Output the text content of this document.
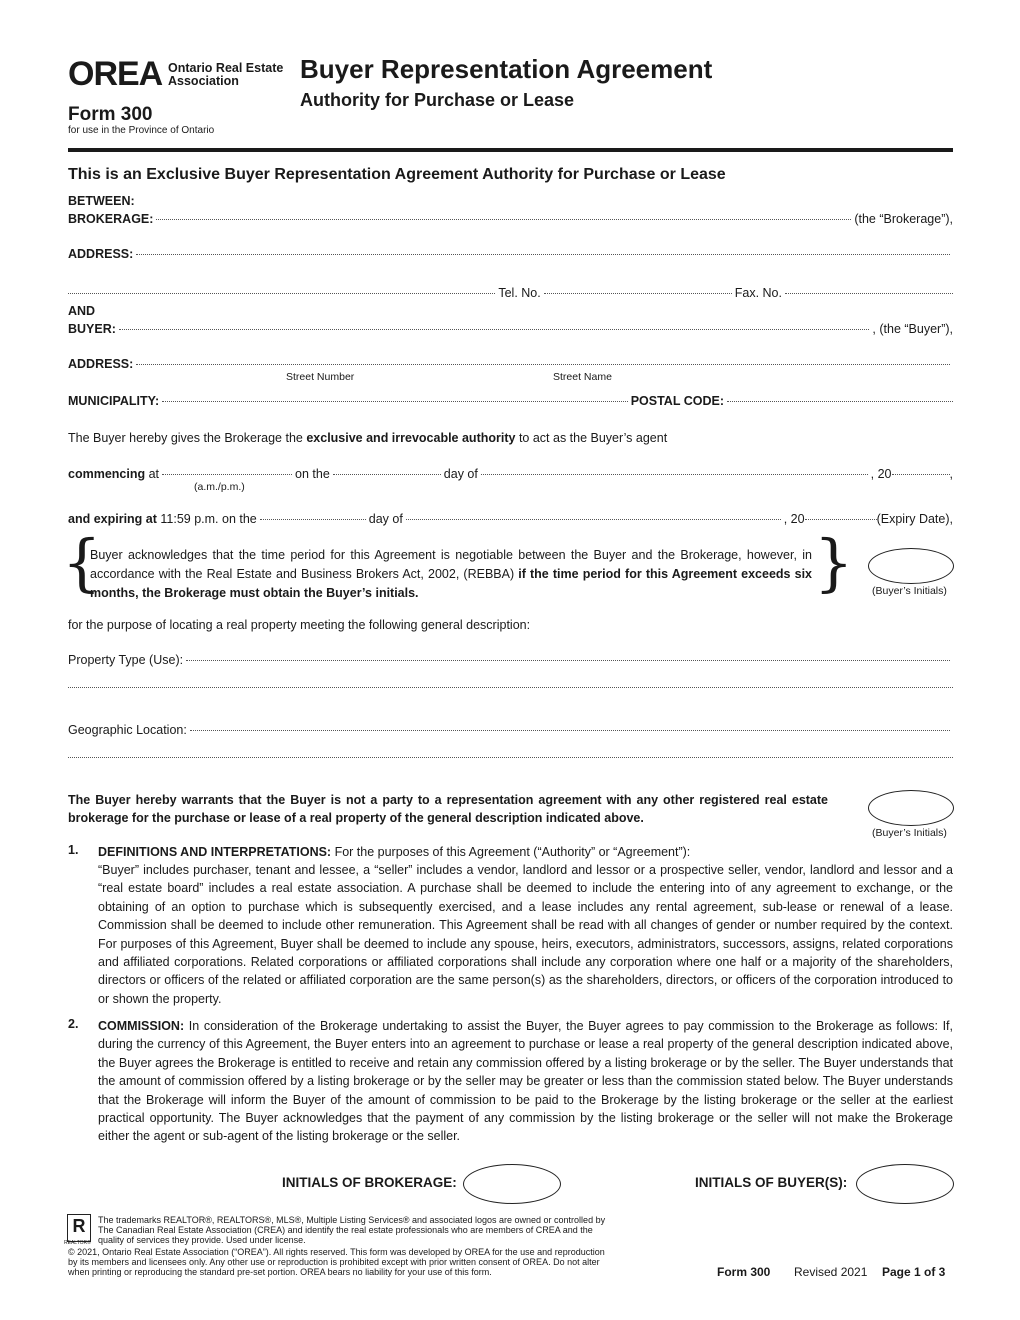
OREA Ontario Real Estate
Association
Form 300
for use in the Province of Ontario
Buyer Representation Agreement
Authority for Purchase or Lease
This is an Exclusive Buyer Representation Agreement Authority for Purchase or Lease
BETWEEN:
BROKERAGE:	(the “Brokerage”),
ADDRESS:
Tel. No.	Fax. No.
AND
BUYER:	, (the “Buyer”),
ADDRESS:
Street Number	Street Name
MUNICIPALITY:	POSTAL CODE:
The Buyer hereby gives the Brokerage the exclusive and irrevocable authority to act as the Buyer’s agent
commencing
at	on the	day of	, 20	,
(a.m./p.m.)
and expiring at
11:59 p.m. on the	day of	, 20	(Expiry Date),
{
Buyer acknowledges that the time period for this Agreement is negotiable between the Buyer and the Brokerage, however, in accordance with the Real Estate and Business Brokers Act, 2002, (REBBA) if the time period for this Agreement exceeds six months, the Brokerage must obtain the Buyer’s initials.	} (Buyer’s Initials)
for the purpose of locating a real property meeting the following general description:
Property Type (Use):
Geographic Location:
The Buyer hereby warrants that the Buyer is not a party to a representation agreement with any other registered real estate brokerage for the purchase or lease of a real property of the general description indicated above.
(Buyer’s Initials)
1. DEFINITIONS AND INTERPRETATIONS: For the purposes of this Agreement (“Authority” or “Agreement”):
“Buyer” includes purchaser, tenant and lessee, a “seller” includes a vendor, landlord and lessor or a prospective seller, vendor, landlord and lessor and a “real estate board” includes a real estate association. A purchase shall be deemed to include the entering into of any agreement to exchange, or the obtaining of an option to purchase which is subsequently exercised, and a lease includes any rental agreement, sub-lease or renewal of a lease. Commission shall be deemed to include other remuneration. This Agreement shall be read with all changes of gender or number required by the context. For purposes of this Agreement, Buyer shall be deemed to include any spouse, heirs, executors, administrators, successors, assigns, related corporations and affiliated corporations. Related corporations or affiliated corporations shall include any corporation where one half or a majority of the shareholders, directors or officers of the related or affiliated corporation are the same person(s) as the shareholders, directors, or officers of the corporation introduced to or shown the property.
2. COMMISSION: In consideration of the Brokerage undertaking to assist the Buyer, the Buyer agrees to pay commission to the Brokerage as follows: If, during the currency of this Agreement, the Buyer enters into an agreement to purchase or lease a real property of the general description indicated above, the Buyer agrees the Brokerage is entitled to receive and retain any commission offered by a listing brokerage or by the seller. The Buyer understands that the amount of commission offered by a listing brokerage or by the seller may be greater or less than the commission stated below. The Buyer understands that the Brokerage will inform the Buyer of the amount of commission to be paid to the Brokerage by the listing brokerage or the seller at the earliest practical opportunity. The Buyer acknowledges that the payment of any commission by the listing brokerage or the seller will not make the Brokerage either the agent or sub-agent of the listing brokerage or the seller.
INITIALS OF BROKERAGE:	INITIALS OF BUYER(S):
R
REALTOR®
The trademarks REALTOR®, REALTORS®, MLS®, Multiple Listing Services® and associated logos are owned or controlled by
The Canadian Real Estate Association (CREA) and identify the real estate professionals who are members of CREA and the
quality of services they provide. Used under license.
© 2021, Ontario Real Estate Association (“OREA”). All rights reserved. This form was developed by OREA for the use and reproduction
by its members and licensees only. Any other use or reproduction is prohibited except with prior written consent of OREA. Do not alter
when printing or reproducing the standard pre-set portion. OREA bears no liability for your use of this form.	Form 300 Revised 2021 Page 1 of 3
